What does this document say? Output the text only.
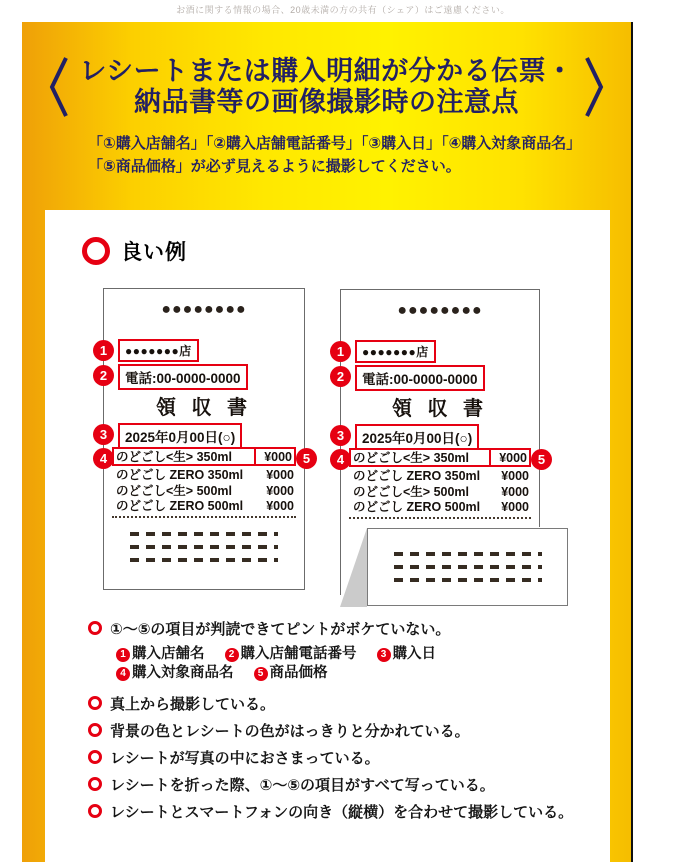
お酒に関する情報の場合、20歳未満の方の共有（シェア）はご遠慮ください。
レシートまたは購入明細が分かる伝票・
納品書等の画像撮影時の注意点
「①購入店舗名」「②購入店舗電話番号」「③購入日」「④購入対象商品名」
「⑤商品価格」が必ず見えるように撮影してください。
良い例
●●●●●●●●
1	●●●●●●●店
2	電話:00-0000-0000
領 収 書
3	2025年0月00日(○)
4	5
のどごし<生> 350ml	¥000
のどごし ZERO 350ml	¥000
のどごし<生> 500ml	¥000
のどごし ZERO 500ml	¥000
●●●●●●●●
1	●●●●●●●店
2	電話:00-0000-0000
領 収 書
3	2025年0月00日(○)
4	5
のどごし<生> 350ml	¥000
のどごし ZERO 350ml	¥000
のどごし<生> 500ml	¥000
のどごし ZERO 500ml	¥000
①〜⑤の項目が判読できてピントがボケていない。
1 購入店舗名 2 購入店舗電話番号 3 購入日
4 購入対象商品名 5 商品価格
真上から撮影している。
背景の色とレシートの色がはっきりと分かれている。
レシートが写真の中におさまっている。
レシートを折った際、①〜⑤の項目がすべて写っている。
レシートとスマートフォンの向き（縦横）を合わせて撮影している。
